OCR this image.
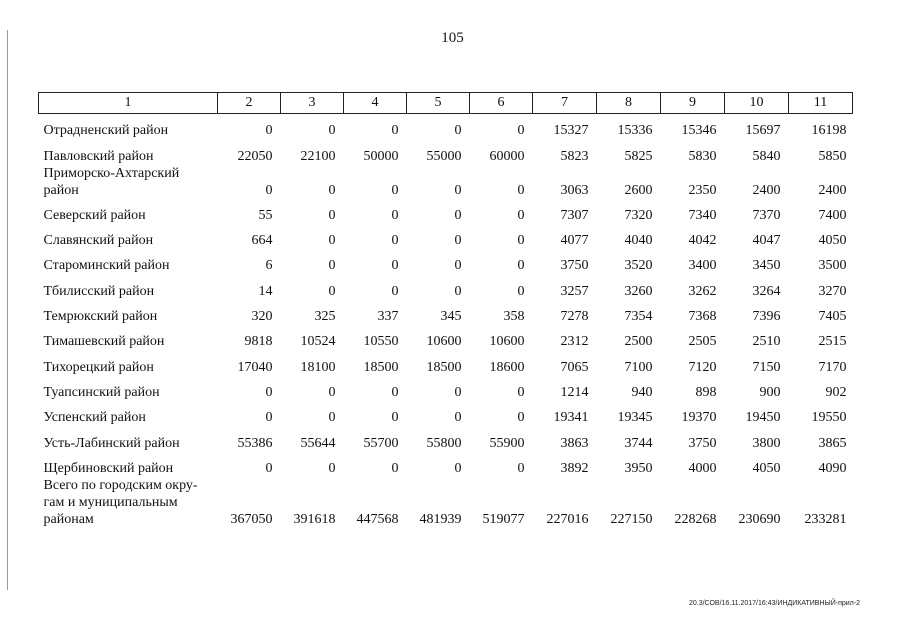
105
1	2	3	4	5	6	7	8	9	10	11
Отрадненский район	0	0	0	0	0	15327	15336	15346	15697	16198
Павловский район	22050	22100	50000	55000	60000	5823	5825	5830	5840	5850
Приморско-Ахтарский район	0	0	0	0	0	3063	2600	2350	2400	2400
Северский район	55	0	0	0	0	7307	7320	7340	7370	7400
Славянский район	664	0	0	0	0	4077	4040	4042	4047	4050
Староминский район	6	0	0	0	0	3750	3520	3400	3450	3500
Тбилисский район	14	0	0	0	0	3257	3260	3262	3264	3270
Темрюкский район	320	325	337	345	358	7278	7354	7368	7396	7405
Тимашевский район	9818	10524	10550	10600	10600	2312	2500	2505	2510	2515
Тихорецкий район	17040	18100	18500	18500	18600	7065	7100	7120	7150	7170
Туапсинский район	0	0	0	0	0	1214	940	898	900	902
Успенский район	0	0	0	0	0	19341	19345	19370	19450	19550
Усть-Лабинский район	55386	55644	55700	55800	55900	3863	3744	3750	3800	3865
Щербиновский район	0	0	0	0	0	3892	3950	4000	4050	4090
Всего по городским окру- гам и муниципальным районам	367050	391618	447568	481939	519077	227016	227150	228268	230690	233281
20.3/СОВ/16.11.2017/16:43/ИНДИКАТИВНЫЙ-прил-2
